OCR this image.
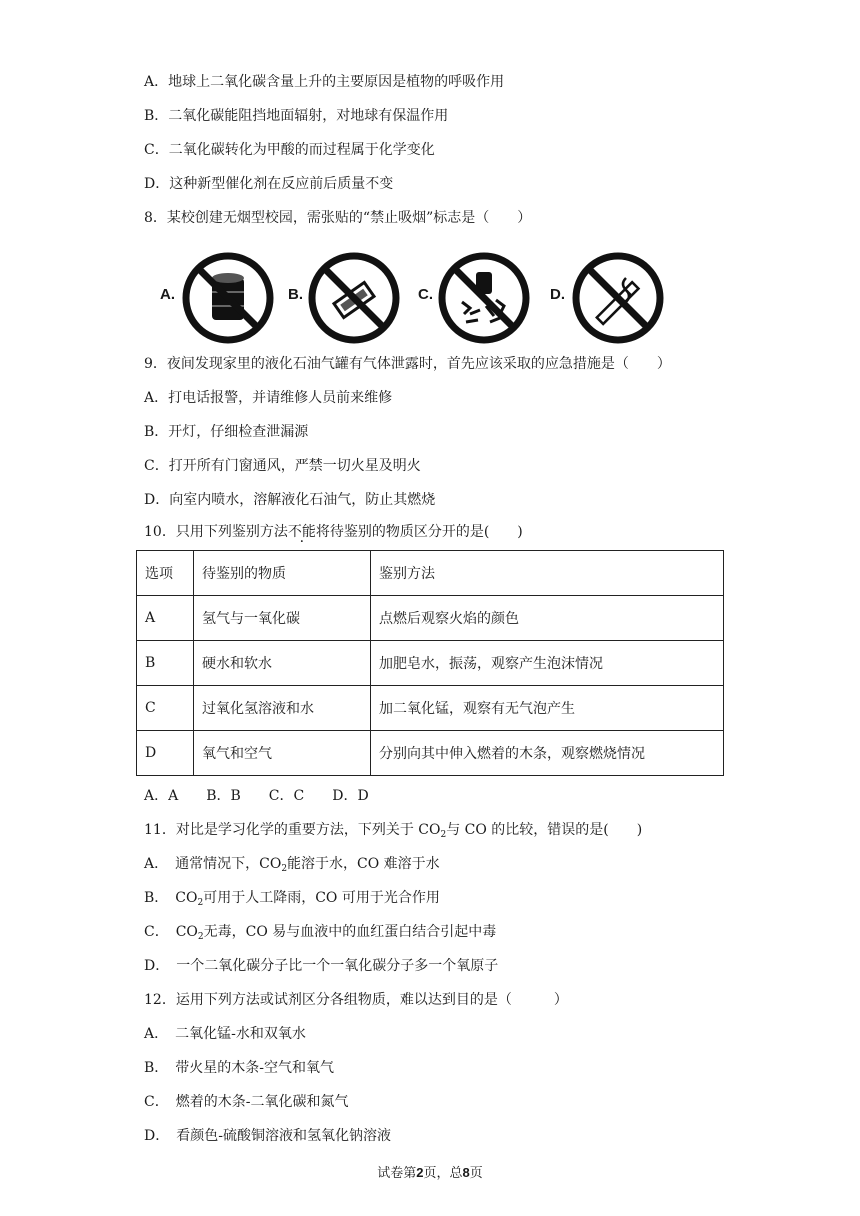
A．地球上二氧化碳含量上升的主要原因是植物的呼吸作用
B．二氧化碳能阻挡地面辐射，对地球有保温作用
C．二氧化碳转化为甲酸的而过程属于化学变化
D．这种新型催化剂在反应前后质量不变
8．某校创建无烟型校园，需张贴的“禁止吸烟”标志是（　　）
A.	B.	C.	D.
9．夜间发现家里的液化石油气罐有气体泄露时，首先应该采取的应急措施是（　　）
A．打电话报警，并请维修人员前来维修
B．开灯，仔细检查泄漏源
C．打开所有门窗通风，严禁一切火星及明火
D．向室内喷水，溶解液化石油气，防止其燃烧
10．只用下列鉴别方法不能将待鉴别的物质区分开的是(　　)
选项	待鉴别的物质	鉴别方法
A	氢气与一氧化碳	点燃后观察火焰的颜色
B	硬水和软水	加肥皂水，振荡，观察产生泡沫情况
C	过氧化氢溶液和水	加二氧化锰，观察有无气泡产生
D	氧气和空气	分别向其中伸入燃着的木条，观察燃烧情况
A．A　　B．B　　C．C　　D．D
11．对比是学习化学的重要方法，下列关于 $CO_2$与 CO 的比较，错误的是(　　)
A．　通常情况下，$CO_2$能溶于水，CO 难溶于水
B．　$CO_2$可用于人工降雨，CO 可用于光合作用
C．　$CO_2$无毒，CO 易与血液中的血红蛋白结合引起中毒
D．　一个二氧化碳分子比一个一氧化碳分子多一个氧原子
12．运用下列方法或试剂区分各组物质，难以达到目的是（　　　）
A．　二氧化锰-水和双氧水
B．　带火星的木条-空气和氧气
C．　燃着的木条-二氧化碳和氮气
D．　看颜色-硫酸铜溶液和氢氧化钠溶液
试卷第2页，总8页
